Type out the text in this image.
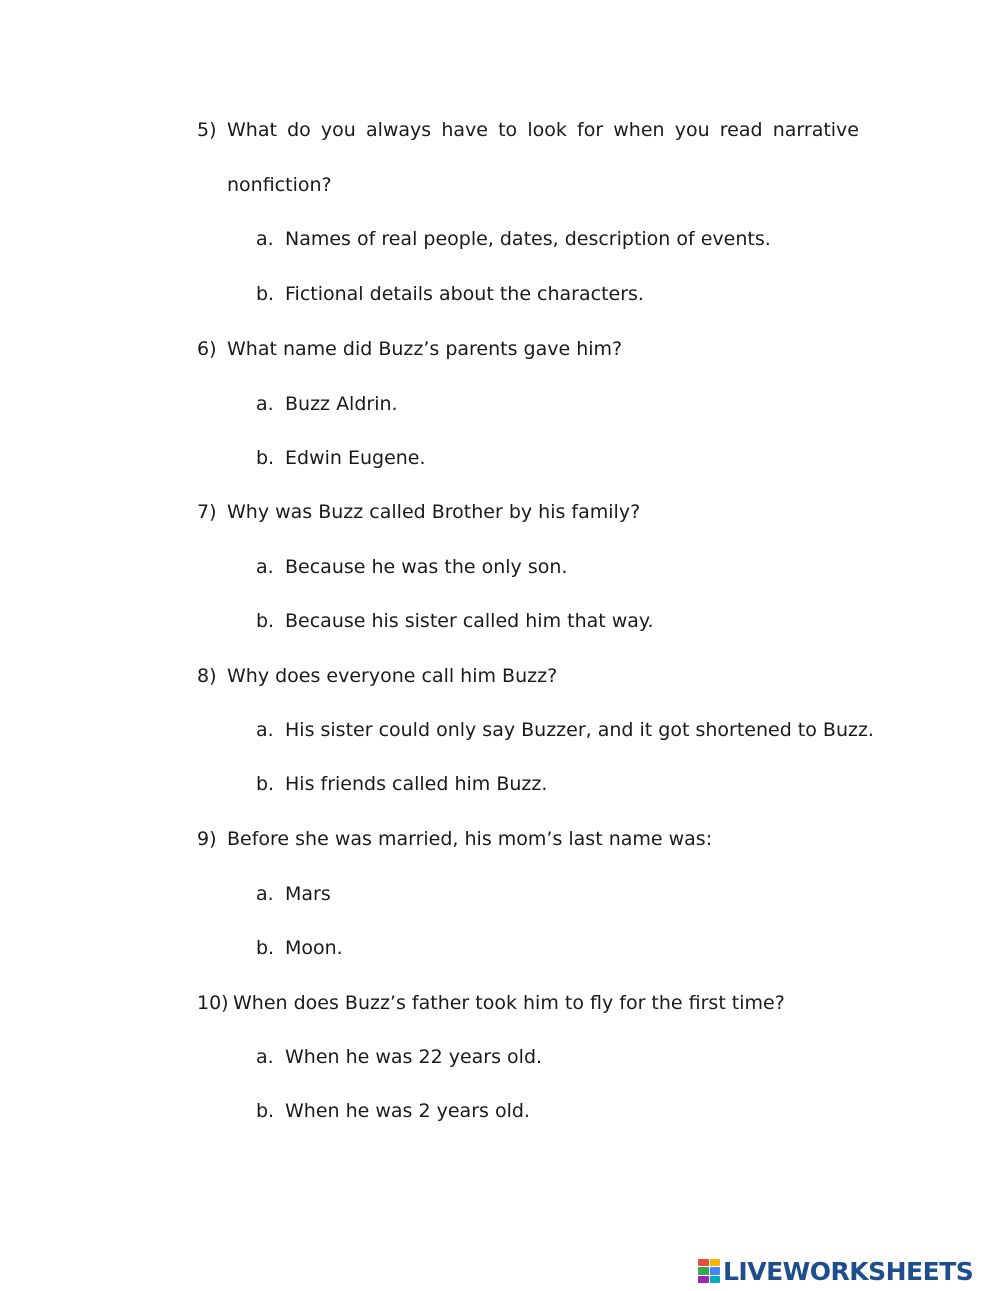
5) What do you always have to look for when you read narrative
nonfiction?
a. Names of real people, dates, description of events.
b. Fictional details about the characters.
6) What name did Buzz’s parents gave him?
a. Buzz Aldrin.
b. Edwin Eugene.
7) Why was Buzz called Brother by his family?
a. Because he was the only son.
b. Because his sister called him that way.
8) Why does everyone call him Buzz?
a. His sister could only say Buzzer, and it got shortened to Buzz.
b. His friends called him Buzz.
9) Before she was married, his mom’s last name was:
a. Mars
b. Moon.
10) When does Buzz’s father took him to fly for the first time?
a. When he was 22 years old.
b. When he was 2 years old.
LIVEWORKSHEETS
